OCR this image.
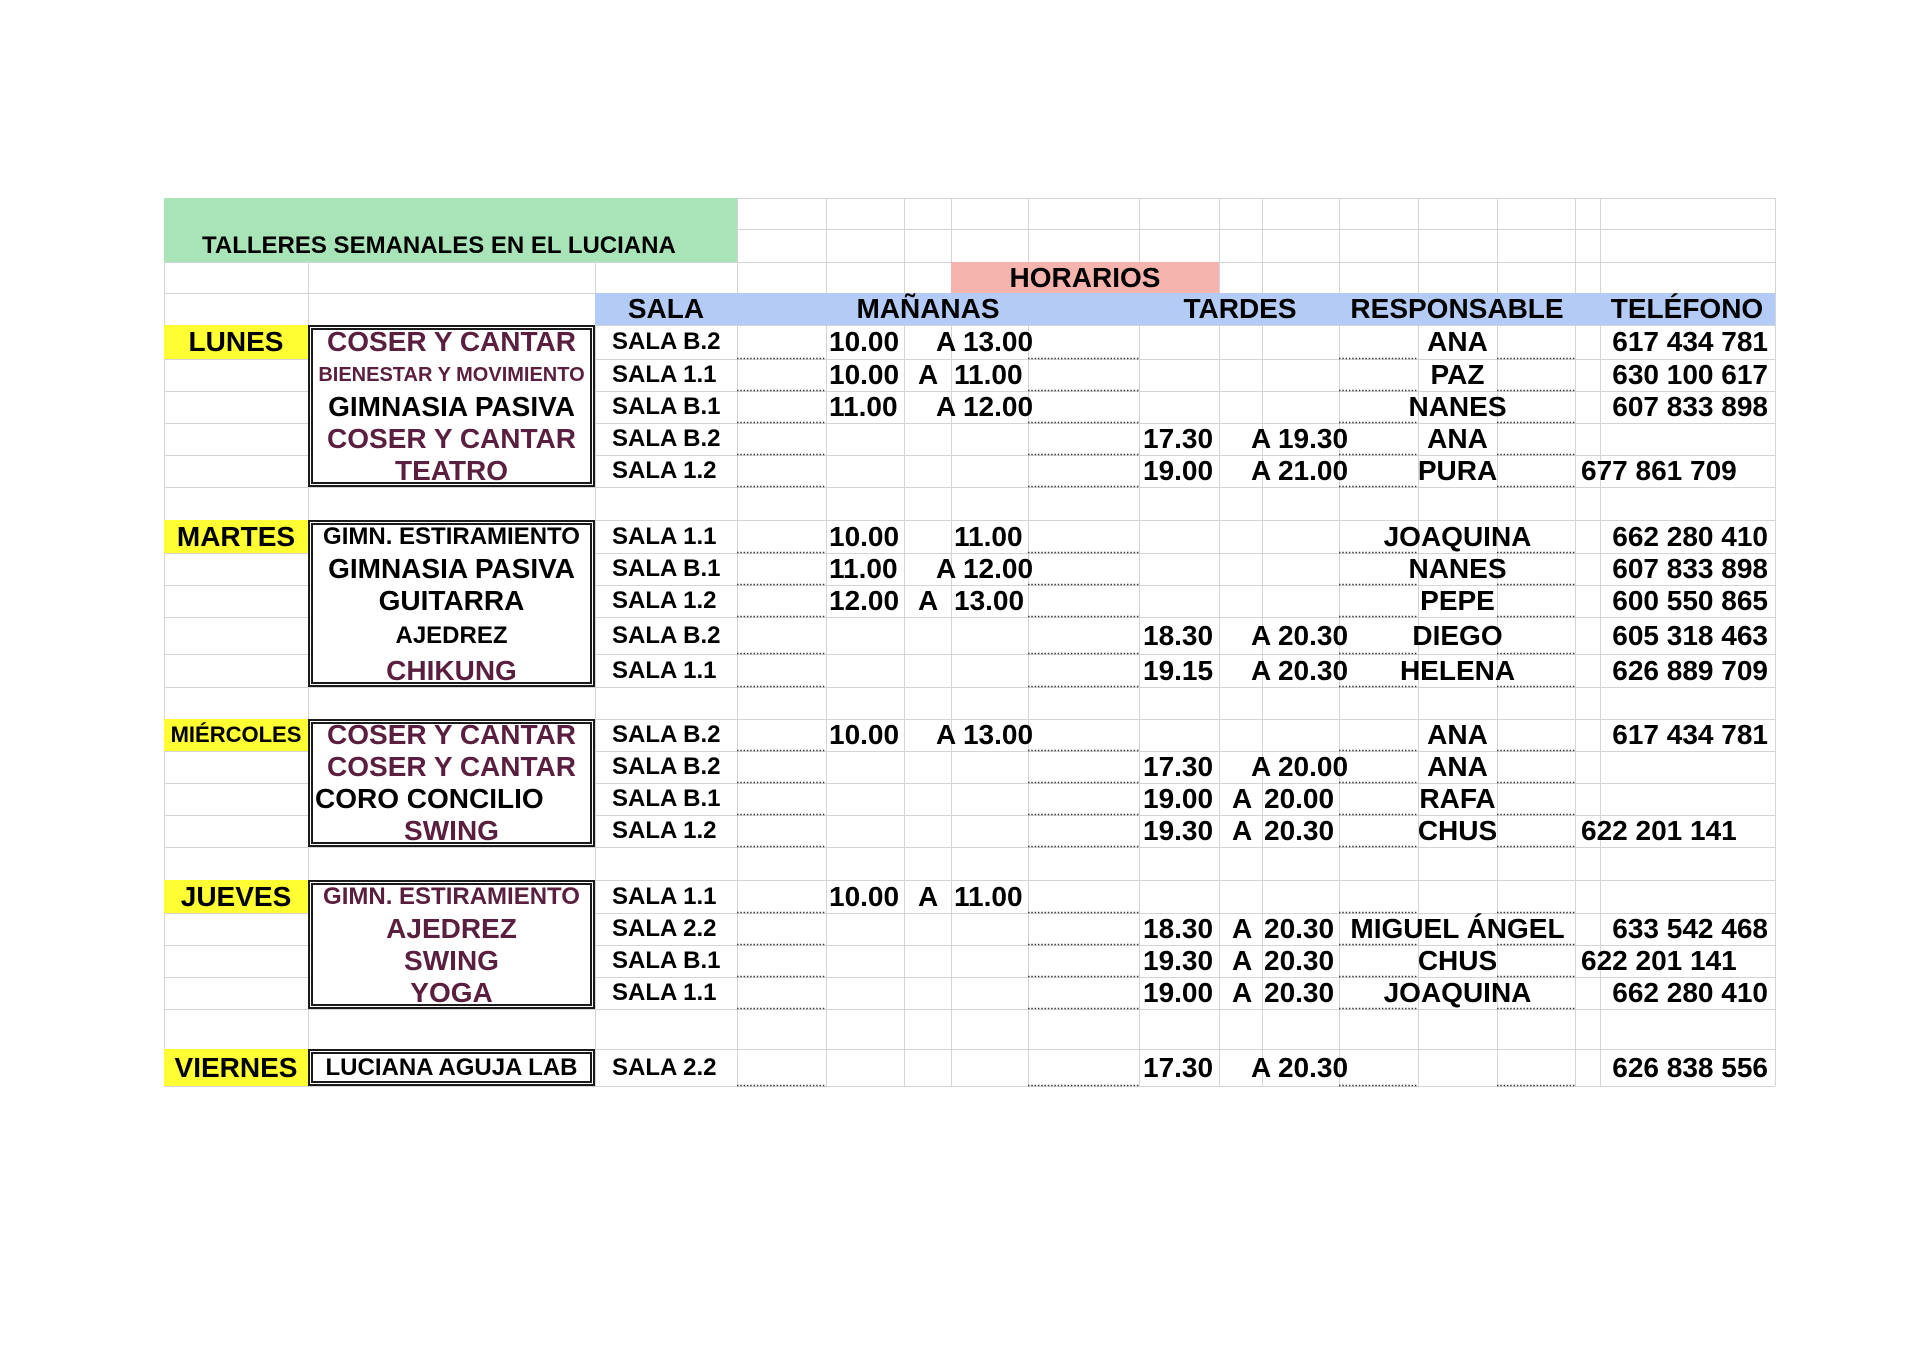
TALLERES SEMANALES EN EL LUCIANA
HORARIOS
SALA	MAÑANAS	TARDES RESPONSABLE TELÉFONO
LUNES COSER Y CANTAR SALA B.2	10.00 A 13.00	ANA	617 434 781
BIENESTAR Y MOVIMIENTO SALA 1.1	10.00 A 11.00	PAZ	630 100 617
GIMNASIA PASIVA SALA B.1	11.00 A 12.00	NANES	607 833 898
COSER Y CANTAR SALA B.2	17.30 A 19.30	ANA
TEATRO	SALA 1.2	19.00 A 21.00 PURA	677 861 709
MARTES GIMN. ESTIRAMIENTO SALA 1.1	10.00 11.00	JOAQUINA	662 280 410
GIMNASIA PASIVA SALA B.1	11.00 A 12.00	NANES	607 833 898
GUITARRA	SALA 1.2	12.00 A 13.00	PEPE	600 550 865
AJEDREZ	SALA B.2	18.30 A 20.30 DIEGO	605 318 463
CHIKUNG	SALA 1.1	19.15 A 20.30 HELENA	626 889 709
MIÉRCOLES COSER Y CANTAR SALA B.2	10.00 A 13.00	ANA	617 434 781
COSER Y CANTAR SALA B.2	17.30 A 20.00	ANA
CORO CONCILIO	SALA B.1	19.00 A 20.00	RAFA
SWING	SALA 1.2	19.30 A 20.30	CHUS	622 201 141
JUEVES GIMN. ESTIRAMIENTO SALA 1.1	10.00 A 11.00
AJEDREZ	SALA 2.2	18.30 A 20.30 MIGUEL ÁNGEL 633 542 468
SWING	SALA B.1	19.30 A 20.30	CHUS	622 201 141
YOGA	SALA 1.1	19.00 A 20.30 JOAQUINA	662 280 410
VIERNES LUCIANA AGUJA LAB SALA 2.2	17.30 A 20.30	626 838 556
